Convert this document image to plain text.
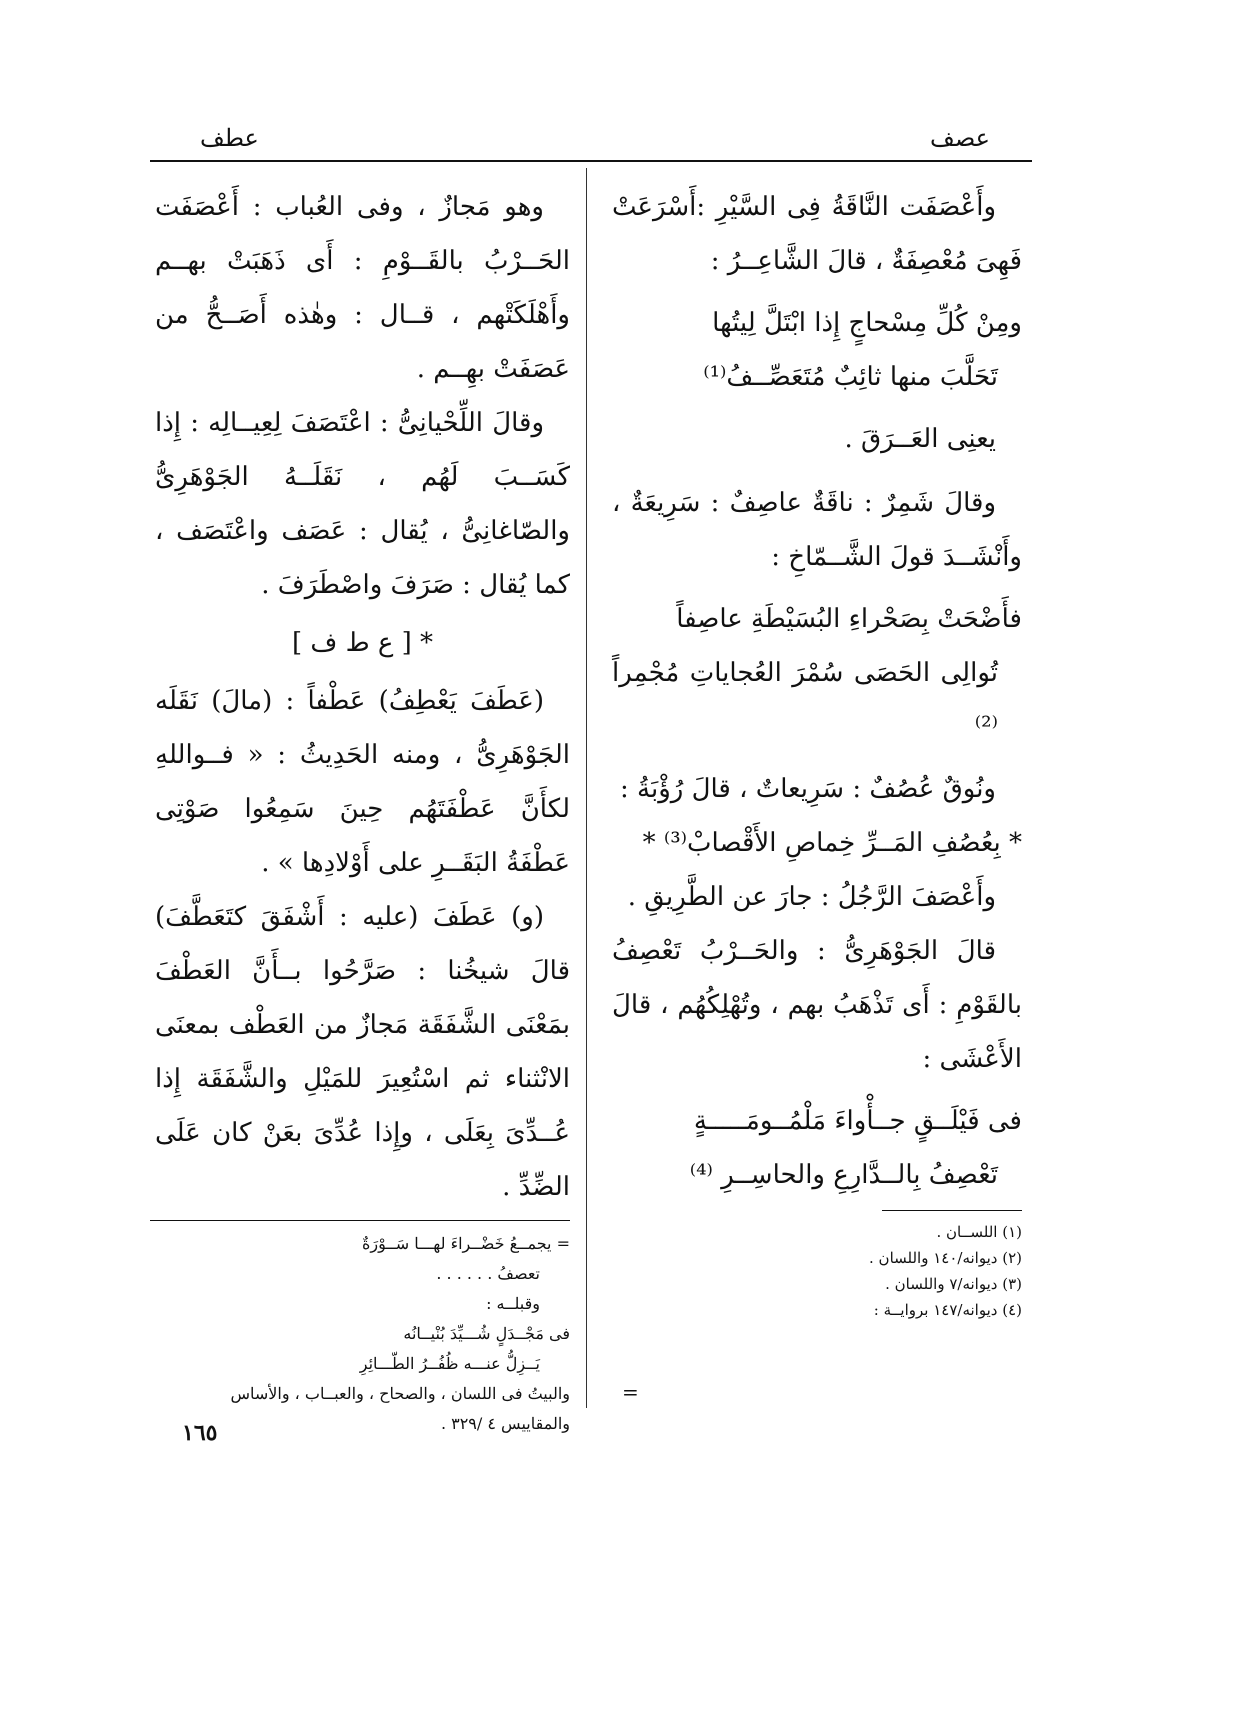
عصف
عطف

وأَعْصَفَت النَّاقَةُ فِى السَّيْرِ :أَسْرَعَتْ فَهِىَ مُعْصِفَةٌ ، قالَ الشَّاعِــرُ :

ومِنْ كُلِّ مِسْحاجٍ إِذا ابْتَلَّ لِيتُها
تَحَلَّبَ منها ثائِبٌ مُتَعَصِّــفُ⁽¹⁾

يعنِى العَــرَقَ .

وقالَ شَمِرٌ : ناقَةٌ عاصِفٌ : سَرِيعَةٌ ، وأَنْشَــدَ قولَ الشَّــمّاخِ :

فأَضْحَتْ بِصَحْراءِ البُسَيْطَةِ عاصِفاً
تُوالِى الحَصَى سُمْرَ العُجاياتِ مُجْمِراً ⁽²⁾

ونُوقٌ عُصُفٌ : سَرِيعاتٌ ، قالَ رُؤْبَةُ :

* بِعُصُفِ المَــرِّ خِماصِ الأَقْصابْ⁽³⁾ *

وأَعْصَفَ الرَّجُلُ : جارَ عن الطَّرِيقِ .

قالَ الجَوْهَرِىُّ : والحَــرْبُ تَعْصِفُ بالقَوْمِ : أَى تَذْهَبُ بهم ، وتُهْلِكُهُم ، قالَ الأَعْشَى :

فى فَيْلَــقٍ جــأْواءَ مَلْمُــومَـــــةٍ
تَعْصِفُ بِالــدَّارِعِ والحاسِــرِ ⁽⁴⁾
(١) اللســان .
(٢) ديوانه/١٤٠ واللسان .
(٣) ديوانه/٧ واللسان .
(٤) ديوانه/١٤٧ بروايــة :
=

وهو مَجازٌ ، وفى العُباب : أَعْصَفَت الحَــرْبُ بالقَــوْمِ : أَى ذَهَبَتْ بهــم وأَهْلَكَتْهم ، قــال : وهٰذه أَصَــحُّ من عَصَفَتْ بهِــم .

وقالَ اللِّحْيانِىُّ : اعْتَصَفَ لِعِيــالِه : إِذا كَسَــبَ لَهُم ، نَقَلَــهُ الجَوْهَرِىُّ والصّاغانِىُّ ، يُقال : عَصَف واعْتَصَف ، كما يُقال : صَرَفَ واصْطَرَفَ .

* [ ع ط ف ]

(عَطَفَ يَعْطِفُ) عَطْفاً : (مالَ) نَقَلَه الجَوْهَرِىُّ ، ومنه الحَدِيثُ : « فــواللهِ لكأَنَّ عَطْفَتَهُم حِينَ سَمِعُوا صَوْتِى عَطْفَةُ البَقَــرِ على أَوْلادِها » .

(و) عَطَفَ (عليه : أَشْفَقَ كتَعَطَّفَ) قالَ شيخُنا : صَرَّحُوا بــأَنَّ العَطْفَ بمَعْنَى الشَّفَقَة مَجازٌ من العَطْف بمعنَى الانْثناء ثم اسْتُعِيرَ للمَيْلِ والشَّفَقَة إِذا عُــدِّىَ بِعَلَى ، وإِذا عُدِّىَ بعَنْ كان عَلَى الضِّدِّ .

= يجمــعُ خَضْــراءَ لهـــا سَــوْرَةٌ
تعصفُ . . . . . .
وقبلــه :
فى مَجْــدَلٍ شُـــيِّدَ بُنْيــانُه
يَــزِلُّ عنـــه ظُفُــرُ الطّـــائِرِ
والبيتُ فى اللسان ، والصحاح ، والعبــاب ، والأساس
والمقاييس ٤ /٣٢٩ .
١٦٥
